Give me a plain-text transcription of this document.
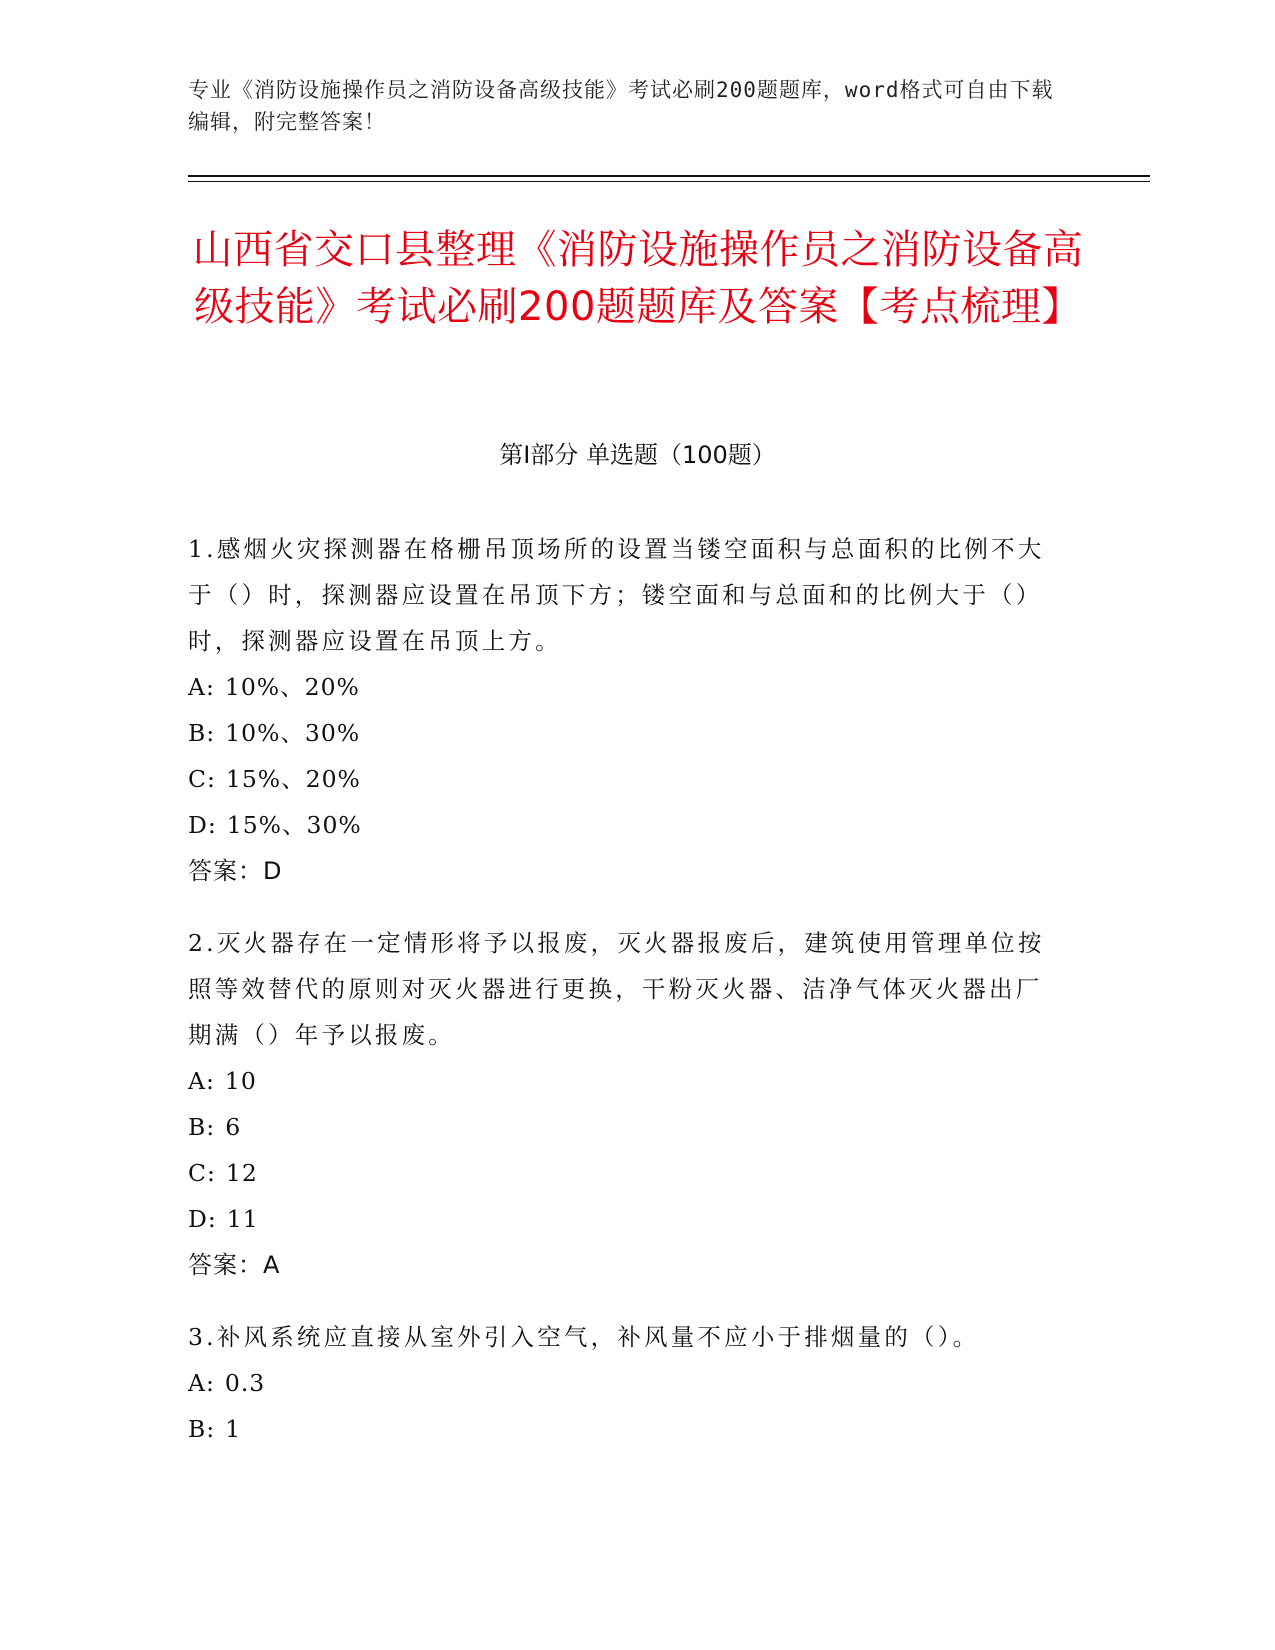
专业《消防设施操作员之消防设备高级技能》考试必刷200题题库，word格式可自由下载编辑，附完整答案！
山西省交口县整理《消防设施操作员之消防设备高级技能》考试必刷200题题库及答案【考点梳理】
第Ⅰ部分 单选题（100题）

1.感烟火灾探测器在格栅吊顶场所的设置当镂空面积与总面积的比例不大于（）时，探测器应设置在吊顶下方；镂空面和与总面和的比例大于（）时，探测器应设置在吊顶上方。

A: 10%、20%
B: 10%、30%
C: 15%、20%
D: 15%、30%
答案：D

2.灭火器存在一定情形将予以报废，灭火器报废后，建筑使用管理单位按照等效替代的原则对灭火器进行更换，干粉灭火器、洁净气体灭火器出厂期满（）年予以报废。

A: 10
B: 6
C: 12
D: 11
答案：A

3.补风系统应直接从室外引入空气，补风量不应小于排烟量的（）。

A: 0.3
B: 1
